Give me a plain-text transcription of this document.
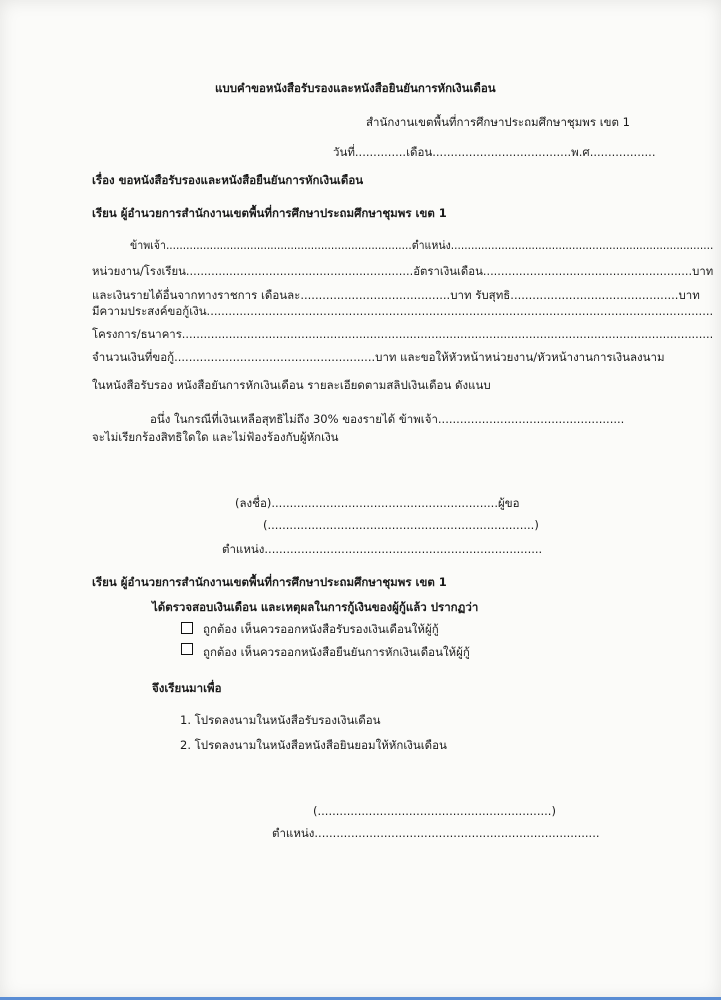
แบบคำขอหนังสือรับรองและหนังสือยินยันการหักเงินเดือน
สำนักงานเขตพื้นที่การศึกษาประถมศึกษาชุมพร เขต 1
วันที่..............เดือน......................................พ.ศ..................
เรื่อง ขอหนังสือรับรองและหนังสือยืนยันการหักเงินเดือน
เรียน ผู้อำนวยการสำนักงานเขตพื้นที่การศึกษาประถมศึกษาชุมพร เขต 1
ข้าพเจ้า.........................................................................ตำแหน่ง..............................................................................
หน่วยงาน/โรงเรียน...............................................................อัตราเงินเดือน..........................................................บาท
และเงินรายได้อื่นจากทางราชการ เดือนละ.........................................บาท รับสุทธิ..............................................บาท
มีความประสงค์ขอกู้เงิน...........................................................................................................................................
โครงการ/ธนาคาร...................................................................................................................................................
จำนวนเงินที่ขอกู้.......................................................บาท และขอให้หัวหน้าหน่วยงาน/หัวหน้างานการเงินลงนาม
ในหนังสือรับรอง หนังสือยันการหักเงินเดือน รายละเอียดตามสลิปเงินเดือน ดังแนบ
อนึ่ง ในกรณีที่เงินเหลือสุทธิไม่ถึง 30% ของรายได้ ข้าพเจ้า...................................................
จะไม่เรียกร้องสิทธิใดใด และไม่ฟ้องร้องกับผู้หักเงิน
(ลงชื่อ)..............................................................ผู้ขอ
(.........................................................................)
ตำแหน่ง............................................................................
เรียน ผู้อำนวยการสำนักงานเขตพื้นที่การศึกษาประถมศึกษาชุมพร เขต 1
ได้ตรวจสอบเงินเดือน และเหตุผลในการกู้เงินของผู้กู้แล้ว ปรากฏว่า
ถูกต้อง เห็นควรออกหนังสือรับรองเงินเดือนให้ผู้กู้
ถูกต้อง เห็นควรออกหนังสือยืนยันการหักเงินเดือนให้ผู้กู้
จึงเรียนมาเพื่อ
1. โปรดลงนามในหนังสือรับรองเงินเดือน
2. โปรดลงนามในหนังสือหนังสือยินยอมให้หักเงินเดือน
(................................................................)
ตำแหน่ง..............................................................................
